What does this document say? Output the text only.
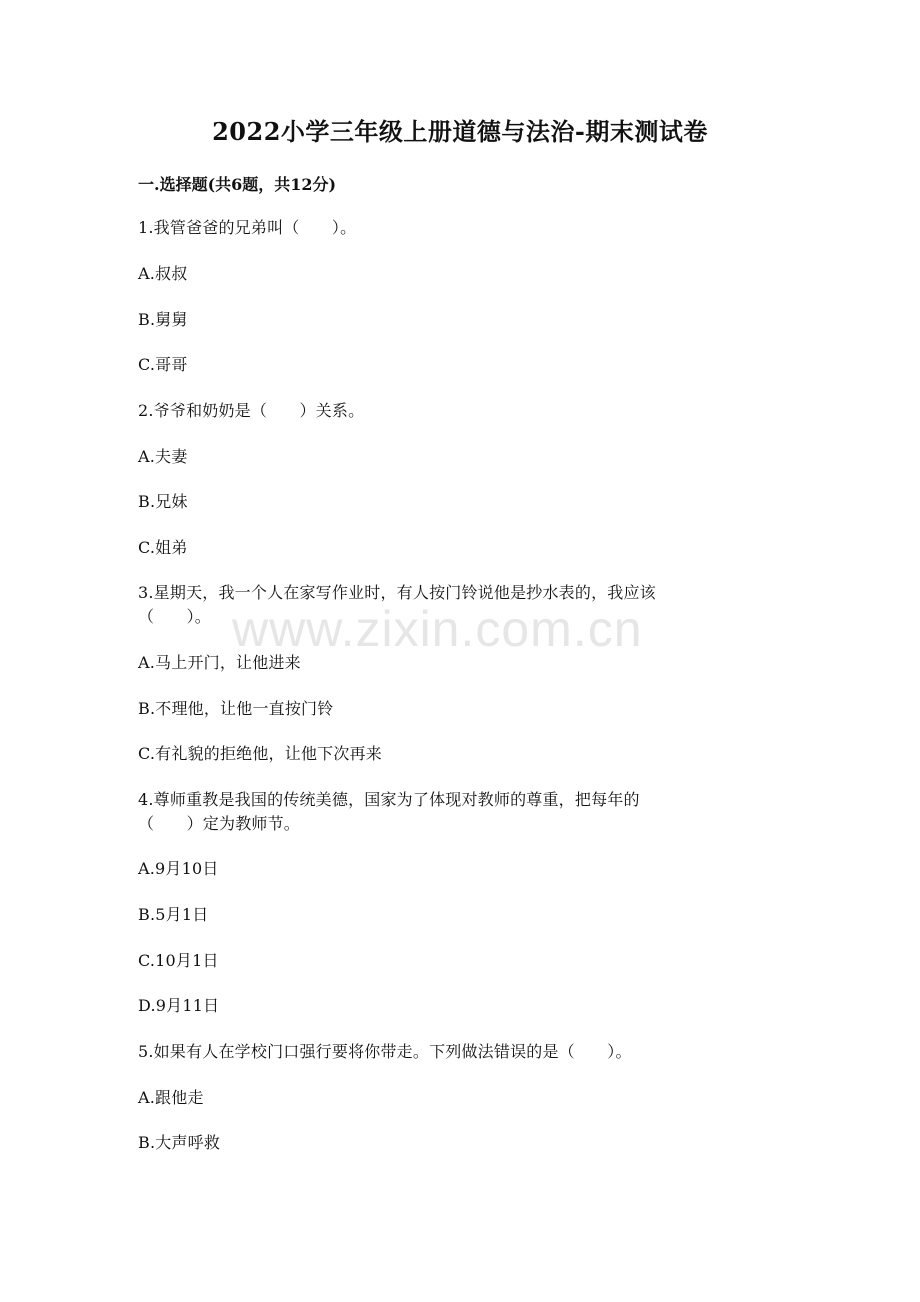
2022小学三年级上册道德与法治-期末测试卷
一.选择题(共6题，共12分)
www.zixin.com.cn
1.我管爸爸的兄弟叫（　　）。
A.叔叔
B.舅舅
C.哥哥
2.爷爷和奶奶是（　　）关系。
A.夫妻
B.兄妹
C.姐弟
3.星期天，我一个人在家写作业时，有人按门铃说他是抄水表的，我应该
（　　）。
A.马上开门，让他进来
B.不理他，让他一直按门铃
C.有礼貌的拒绝他，让他下次再来
4.尊师重教是我国的传统美德，国家为了体现对教师的尊重，把每年的
（　　）定为教师节。
A.9月10日
B.5月1日
C.10月1日
D.9月11日
5.如果有人在学校门口强行要将你带走。下列做法错误的是（　　）。
A.跟他走
B.大声呼救
